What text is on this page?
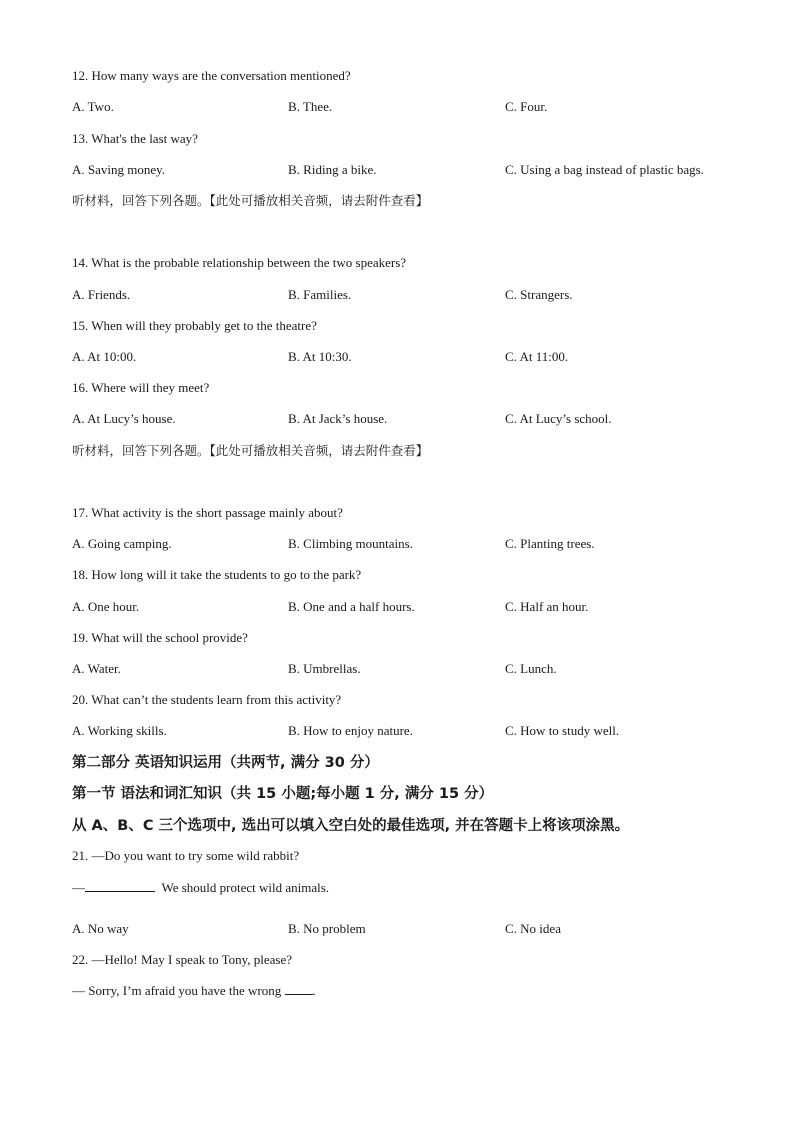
12. How many ways are the conversation mentioned?
A. Two.	B. Thee.	C. Four.
13. What's the last way?
A. Saving money.	B. Riding a bike.	C. Using a bag instead of plastic bags.
听材料，回答下列各题。【此处可播放相关音频，请去附件查看】
14. What is the probable relationship between the two speakers?
A. Friends.	B. Families.	C. Strangers.
15. When will they probably get to the theatre?
A. At 10:00.	B. At 10:30.	C. At 11:00.
16. Where will they meet?
A. At Lucy’s house.	B. At Jack’s house.	C. At Lucy’s school.
听材料，回答下列各题。【此处可播放相关音频，请去附件查看】
17. What activity is the short passage mainly about?
A. Going camping.	B. Climbing mountains.	C. Planting trees.
18. How long will it take the students to go to the park?
A. One hour.	B. One and a half hours.	C. Half an hour.
19. What will the school provide?
A. Water.	B. Umbrellas.	C. Lunch.
20. What can’t the students learn from this activity?
A. Working skills.	B. How to enjoy nature.	C. How to study well.
第二部分 英语知识运用（共两节, 满分 30 分）
第一节 语法和词汇知识（共 15 小题;每小题 1 分, 满分 15 分）
从 A、B、C 三个选项中, 选出可以填入空白处的最佳选项, 并在答题卡上将该项涂黑。
21. —Do you want to try some wild rabbit?
—	We should protect wild animals.
A. No way	B. No problem	C. No idea
22. —Hello! May I speak to Tony, please?
— Sorry, I’m afraid you have the wrong .
